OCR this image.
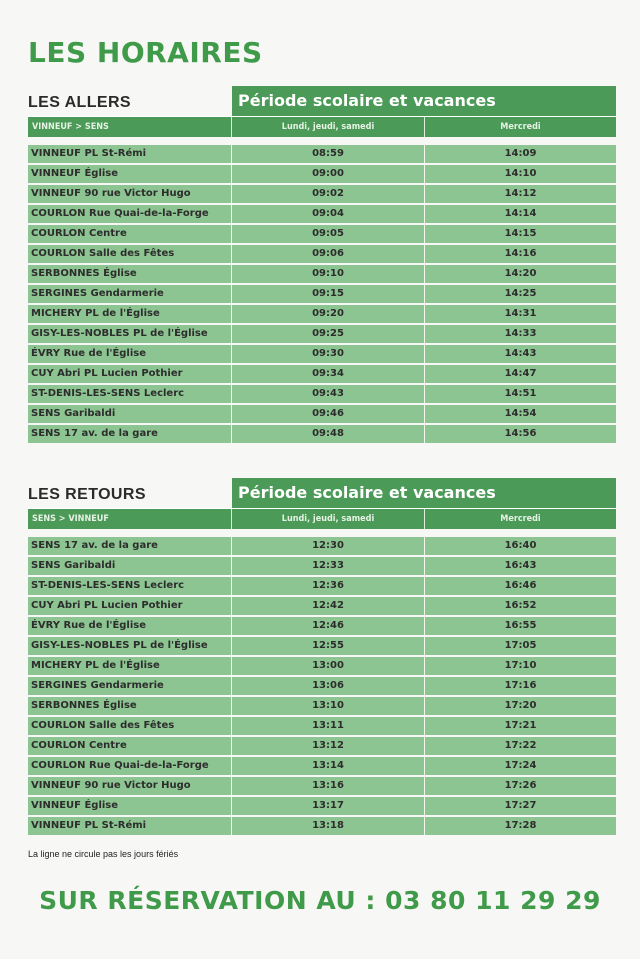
LES HORAIRES
LES ALLERS	Période scolaire et vacances
VINNEUF > SENS	Lundi, jeudi, samedi	Mercredi
VINNEUF PL St-Rémi	08:59	14:09
VINNEUF Église	09:00	14:10
VINNEUF 90 rue Victor Hugo	09:02	14:12
COURLON Rue Quai-de-la-Forge	09:04	14:14
COURLON Centre	09:05	14:15
COURLON Salle des Fêtes	09:06	14:16
SERBONNES Église	09:10	14:20
SERGINES Gendarmerie	09:15	14:25
MICHERY PL de l'Église	09:20	14:31
GISY-LES-NOBLES PL de l'Église	09:25	14:33
ÉVRY Rue de l'Église	09:30	14:43
CUY Abri PL Lucien Pothier	09:34	14:47
ST-DENIS-LES-SENS Leclerc	09:43	14:51
SENS Garibaldi	09:46	14:54
SENS 17 av. de la gare	09:48	14:56
LES RETOURS	Période scolaire et vacances
SENS > VINNEUF	Lundi, jeudi, samedi	Mercredi
SENS 17 av. de la gare	12:30	16:40
SENS Garibaldi	12:33	16:43
ST-DENIS-LES-SENS Leclerc	12:36	16:46
CUY Abri PL Lucien Pothier	12:42	16:52
ÉVRY Rue de l'Église	12:46	16:55
GISY-LES-NOBLES PL de l'Église	12:55	17:05
MICHERY PL de l'Église	13:00	17:10
SERGINES Gendarmerie	13:06	17:16
SERBONNES Église	13:10	17:20
COURLON Salle des Fêtes	13:11	17:21
COURLON Centre	13:12	17:22
COURLON Rue Quai-de-la-Forge	13:14	17:24
VINNEUF 90 rue Victor Hugo	13:16	17:26
VINNEUF Église	13:17	17:27
VINNEUF PL St-Rémi	13:18	17:28
La ligne ne circule pas les jours fériés
SUR RÉSERVATION AU : 03 80 11 29 29
